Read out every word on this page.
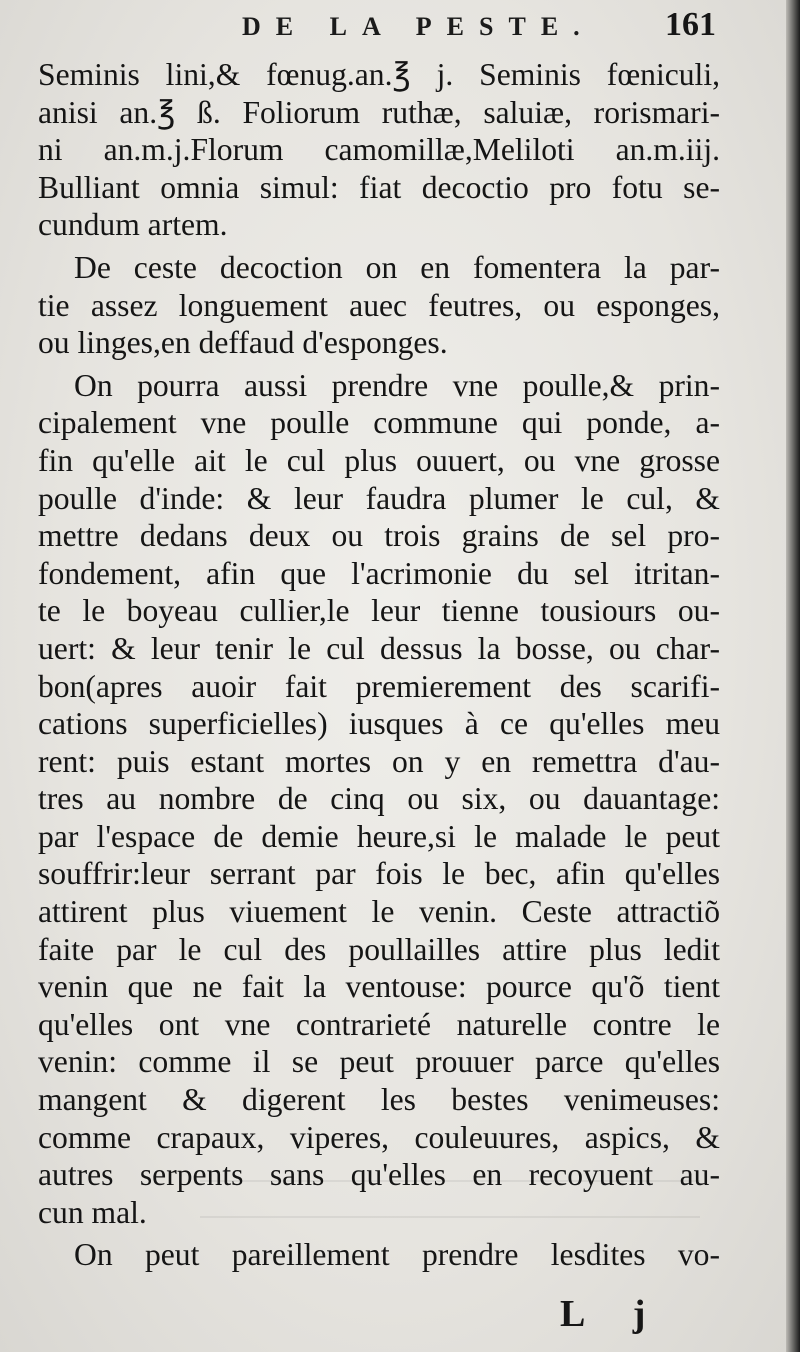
DE LA PESTE. 161
Seminis lini,& fœnug.an.℥ j. Seminis fœniculi,
anisi an.℥ ß. Foliorum ruthæ, saluiæ, rorismari-
ni an.m.j.Florum camomillæ,Meliloti an.m.iij.
Bulliant omnia simul: fiat decoctio pro fotu se-
cundum artem.
De ceste decoction on en fomentera la par-
tie assez longuement auec feutres, ou esponges,
ou linges,en deffaud d'esponges.
On pourra aussi prendre vne poulle,& prin-
cipalement vne poulle commune qui ponde, a-
fin qu'elle ait le cul plus ouuert, ou vne grosse
poulle d'inde: & leur faudra plumer le cul, &
mettre dedans deux ou trois grains de sel pro-
fondement, afin que l'acrimonie du sel itritan-
te le boyeau cullier,le leur tienne tousiours ou-
uert: & leur tenir le cul dessus la bosse, ou char-
bon(apres auoir fait premierement des scarifi-
cations superficielles) iusques à ce qu'elles meu
rent: puis estant mortes on y en remettra d'au-
tres au nombre de cinq ou six, ou dauantage:
par l'espace de demie heure,si le malade le peut
souffrir:leur serrant par fois le bec, afin qu'elles
attirent plus viuement le venin. Ceste attractiõ
faite par le cul des poullailles attire plus ledit
venin que ne fait la ventouse: pource qu'õ tient
qu'elles ont vne contrarieté naturelle contre le
venin: comme il se peut prouuer parce qu'elles
mangent & digerent les bestes venimeuses:
comme crapaux, viperes, couleuures, aspics, &
autres serpents sans qu'elles en recoyuent au-
cun mal.
On peut pareillement prendre lesdites vo-
L j
